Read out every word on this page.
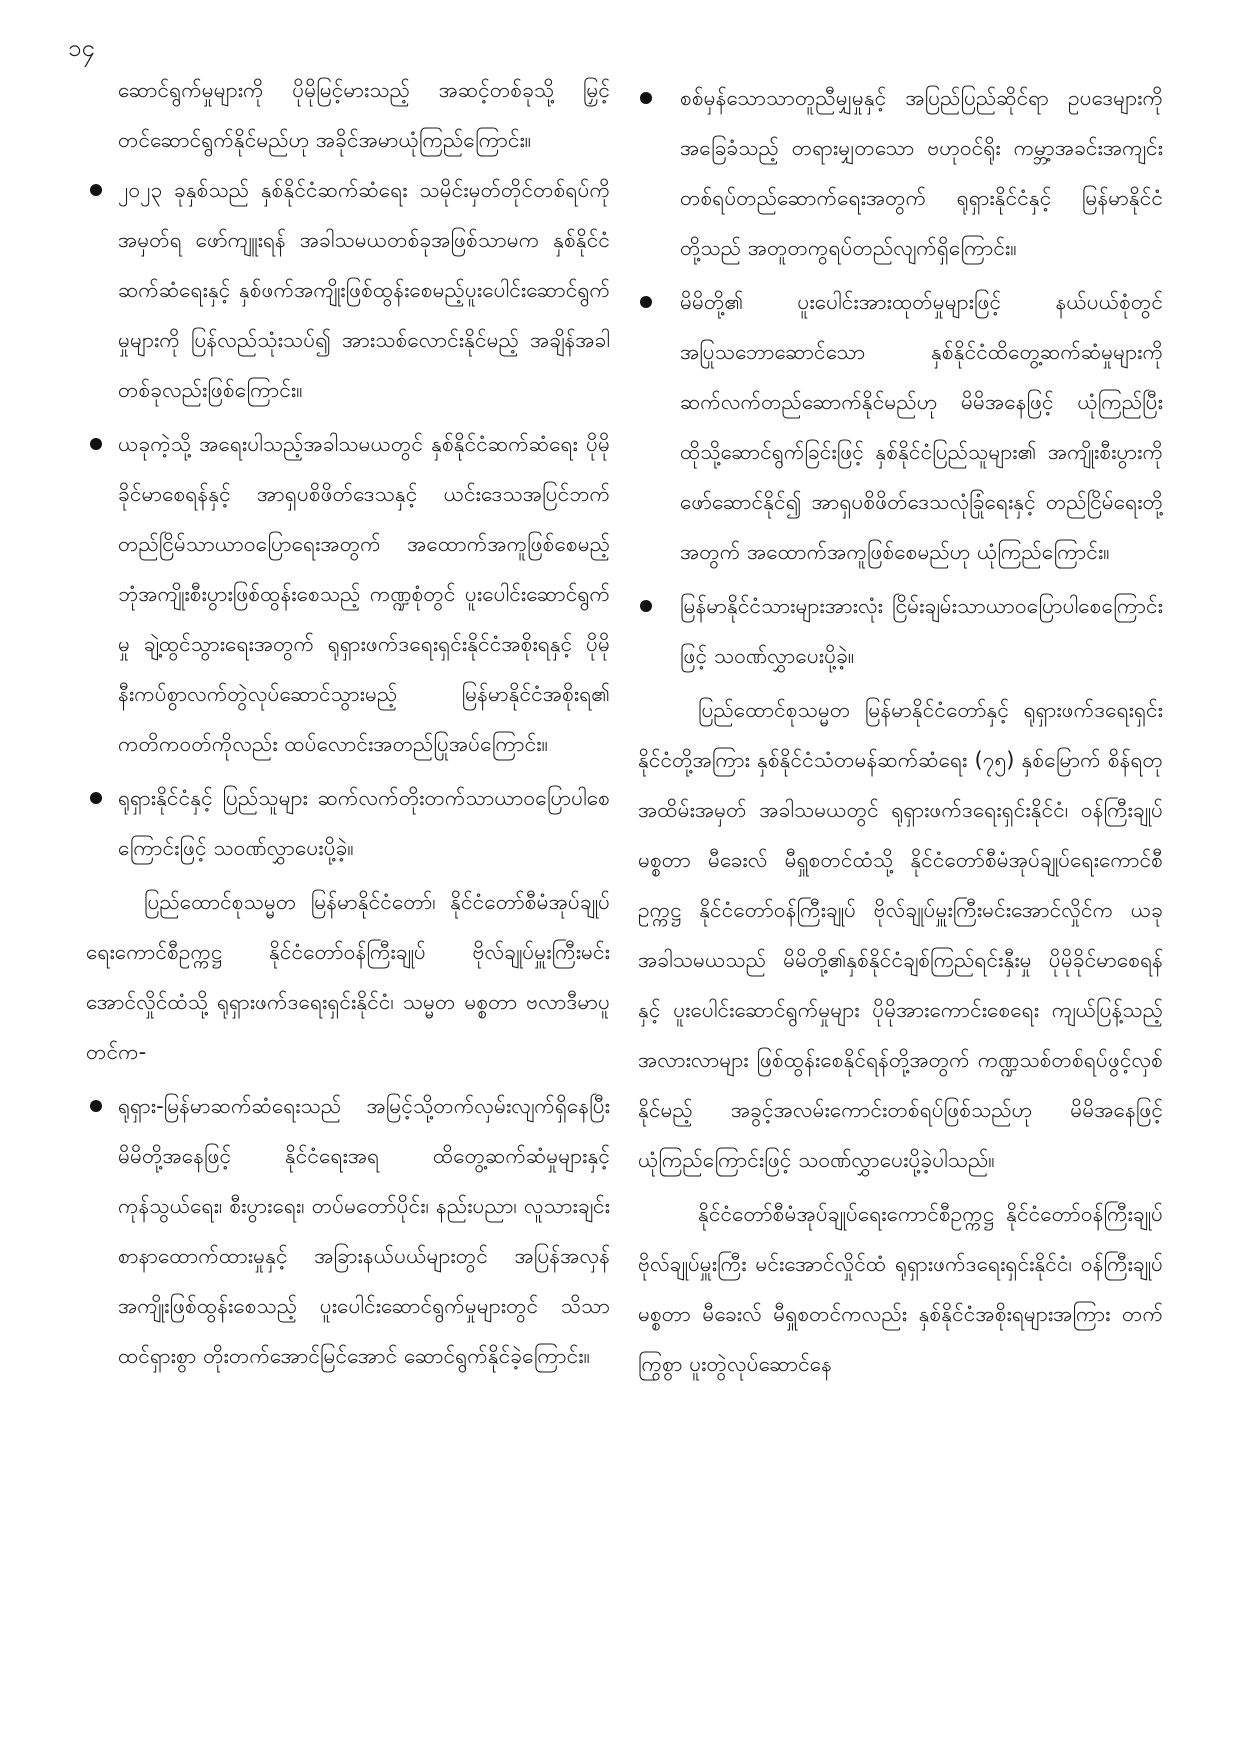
၁၄
ဆောင်ရွက်မှုများကို ပိုမိုမြင့်မားသည့် အဆင့်တစ်ခုသို့ မြှင့်တင်ဆောင်ရွက်နိုင်မည်ဟု အခိုင်အမာယုံကြည်ကြောင်း။
၂၀၂၃ ခုနှစ်သည် နှစ်နိုင်ငံဆက်ဆံရေး သမိုင်းမှတ်တိုင်တစ်ရပ်ကို အမှတ်ရ ဖော်ကျူးရန် အခါသမယတစ်ခုအဖြစ်သာမက နှစ်နိုင်ငံဆက်ဆံရေးနှင့် နှစ်ဖက်အကျိုးဖြစ်ထွန်းစေမည့်ပူးပေါင်းဆောင်ရွက်မှုများကို ပြန်လည်သုံးသပ်၍ အားသစ်လောင်းနိုင်မည့် အချိန်အခါတစ်ခုလည်းဖြစ်ကြောင်း။
ယခုကဲ့သို့ အရေးပါသည့်အခါသမယတွင် နှစ်နိုင်ငံဆက်ဆံရေး ပိုမိုခိုင်မာစေရန်နှင့် အာရှပစိဖိတ်ဒေသနှင့် ယင်းဒေသအပြင်ဘက် တည်ငြိမ်သာယာဝပြောရေးအတွက် အထောက်အကူဖြစ်စေမည့် ဘုံအကျိုးစီးပွားဖြစ်ထွန်းစေသည့် ကဏ္ဍစုံတွင် ပူးပေါင်းဆောင်ရွက်မှု ချဲ့ထွင်သွားရေးအတွက် ရုရှားဖက်ဒရေးရှင်းနိုင်ငံအစိုးရနှင့် ပိုမိုနီးကပ်စွာလက်တွဲလုပ်ဆောင်သွားမည့် မြန်မာနိုင်ငံအစိုးရ၏ ကတိကဝတ်ကိုလည်း ထပ်လောင်းအတည်ပြုအပ်ကြောင်း။
ရုရှားနိုင်ငံနှင့် ပြည်သူများ ဆက်လက်တိုးတက်သာယာဝပြောပါစေကြောင်းဖြင့် သဝဏ်လွှာပေးပို့ခဲ့။
ပြည်ထောင်စုသမ္မတ မြန်မာနိုင်ငံတော်၊ နိုင်ငံတော်စီမံအုပ်ချုပ်ရေးကောင်စီဥက္ကဋ္ဌ နိုင်ငံတော်ဝန်ကြီးချုပ် ဗိုလ်ချုပ်မှူးကြီးမင်းအောင်လှိုင်ထံသို့ ရုရှားဖက်ဒရေးရှင်းနိုင်ငံ၊ သမ္မတ မစ္စတာ ဗလာဒီမာပူတင်က-
ရုရှား-မြန်မာဆက်ဆံရေးသည် အမြင့်သို့တက်လှမ်းလျက်ရှိနေပြီး မိမိတို့အနေဖြင့် နိုင်ငံရေးအရ ထိတွေ့ဆက်ဆံမှုများနှင့် ကုန်သွယ်ရေး၊ စီးပွားရေး၊ တပ်မတော်ပိုင်း၊ နည်းပညာ၊ လူသားချင်းစာနာထောက်ထားမှုနှင့် အခြားနယ်ပယ်များတွင် အပြန်အလှန် အကျိုးဖြစ်ထွန်းစေသည့် ပူးပေါင်းဆောင်ရွက်မှုများတွင် သိသာထင်ရှားစွာ တိုးတက်အောင်မြင်အောင် ဆောင်ရွက်နိုင်ခဲ့ကြောင်း။
စစ်မှန်သောသာတူညီမျှမှုနှင့် အပြည်ပြည်ဆိုင်ရာ ဥပဒေများကိုအခြေခံသည့် တရားမျှတသော ဗဟုဝင်ရိုး ကမ္ဘာ့အခင်းအကျင်း တစ်ရပ်တည်ဆောက်ရေးအတွက် ရုရှားနိုင်ငံနှင့် မြန်မာနိုင်ငံတို့သည် အတူတကွရပ်တည်လျက်ရှိကြောင်း။
မိမိတို့၏ ပူးပေါင်းအားထုတ်မှုများဖြင့် နယ်ပယ်စုံတွင် အပြုသဘောဆောင်သော နှစ်နိုင်ငံထိတွေ့ဆက်ဆံမှုများကို ဆက်လက်တည်ဆောက်နိုင်မည်ဟု မိမိအနေဖြင့် ယုံကြည်ပြီး ထိုသို့ဆောင်ရွက်ခြင်းဖြင့် နှစ်နိုင်ငံပြည်သူများ၏ အကျိုးစီးပွားကို ဖော်ဆောင်နိုင်၍ အာရှပစိဖိတ်ဒေသလုံခြုံရေးနှင့် တည်ငြိမ်ရေးတို့အတွက် အထောက်အကူဖြစ်စေမည်ဟု ယုံကြည်ကြောင်း။
မြန်မာနိုင်ငံသားများအားလုံး ငြိမ်းချမ်းသာယာဝပြောပါစေကြောင်းဖြင့် သဝဏ်လွှာပေးပို့ခဲ့။
ပြည်ထောင်စုသမ္မတ မြန်မာနိုင်ငံတော်နှင့် ရုရှားဖက်ဒရေးရှင်းနိုင်ငံတို့အကြား နှစ်နိုင်ငံသံတမန်ဆက်ဆံရေး (၇၅) နှစ်မြောက် စိန်ရတုအထိမ်းအမှတ် အခါသမယတွင် ရုရှားဖက်ဒရေးရှင်းနိုင်ငံ၊ ဝန်ကြီးချုပ် မစ္စတာ မီခေးလ် မီရှူစတင်ထံသို့ နိုင်ငံတော်စီမံအုပ်ချုပ်ရေးကောင်စီဥက္ကဋ္ဌ နိုင်ငံတော်ဝန်ကြီးချုပ် ဗိုလ်ချုပ်မှူးကြီးမင်းအောင်လှိုင်က ယခုအခါသမယသည် မိမိတို့၏နှစ်နိုင်ငံချစ်ကြည်ရင်းနှီးမှု ပိုမိုခိုင်မာစေရန်နှင့် ပူးပေါင်းဆောင်ရွက်မှုများ ပိုမိုအားကောင်းစေရေး ကျယ်ပြန့်သည့်အလားလာများ ဖြစ်ထွန်းစေနိုင်ရန်တို့အတွက် ကဏ္ဍသစ်တစ်ရပ်ဖွင့်လှစ်နိုင်မည့် အခွင့်အလမ်းကောင်းတစ်ရပ်ဖြစ်သည်ဟု မိမိအနေဖြင့် ယုံကြည်ကြောင်းဖြင့် သဝဏ်လွှာပေးပို့ခဲ့ပါသည်။
နိုင်ငံတော်စီမံအုပ်ချုပ်ရေးကောင်စီဥက္ကဋ္ဌ နိုင်ငံတော်ဝန်ကြီးချုပ် ဗိုလ်ချုပ်မှူးကြီး မင်းအောင်လှိုင်ထံ ရုရှားဖက်ဒရေးရှင်းနိုင်ငံ၊ ဝန်ကြီးချုပ် မစ္စတာ မီခေးလ် မီရှူစတင်ကလည်း နှစ်နိုင်ငံအစိုးရများအကြား တက်ကြွစွာ ပူးတွဲလုပ်ဆောင်နေ
